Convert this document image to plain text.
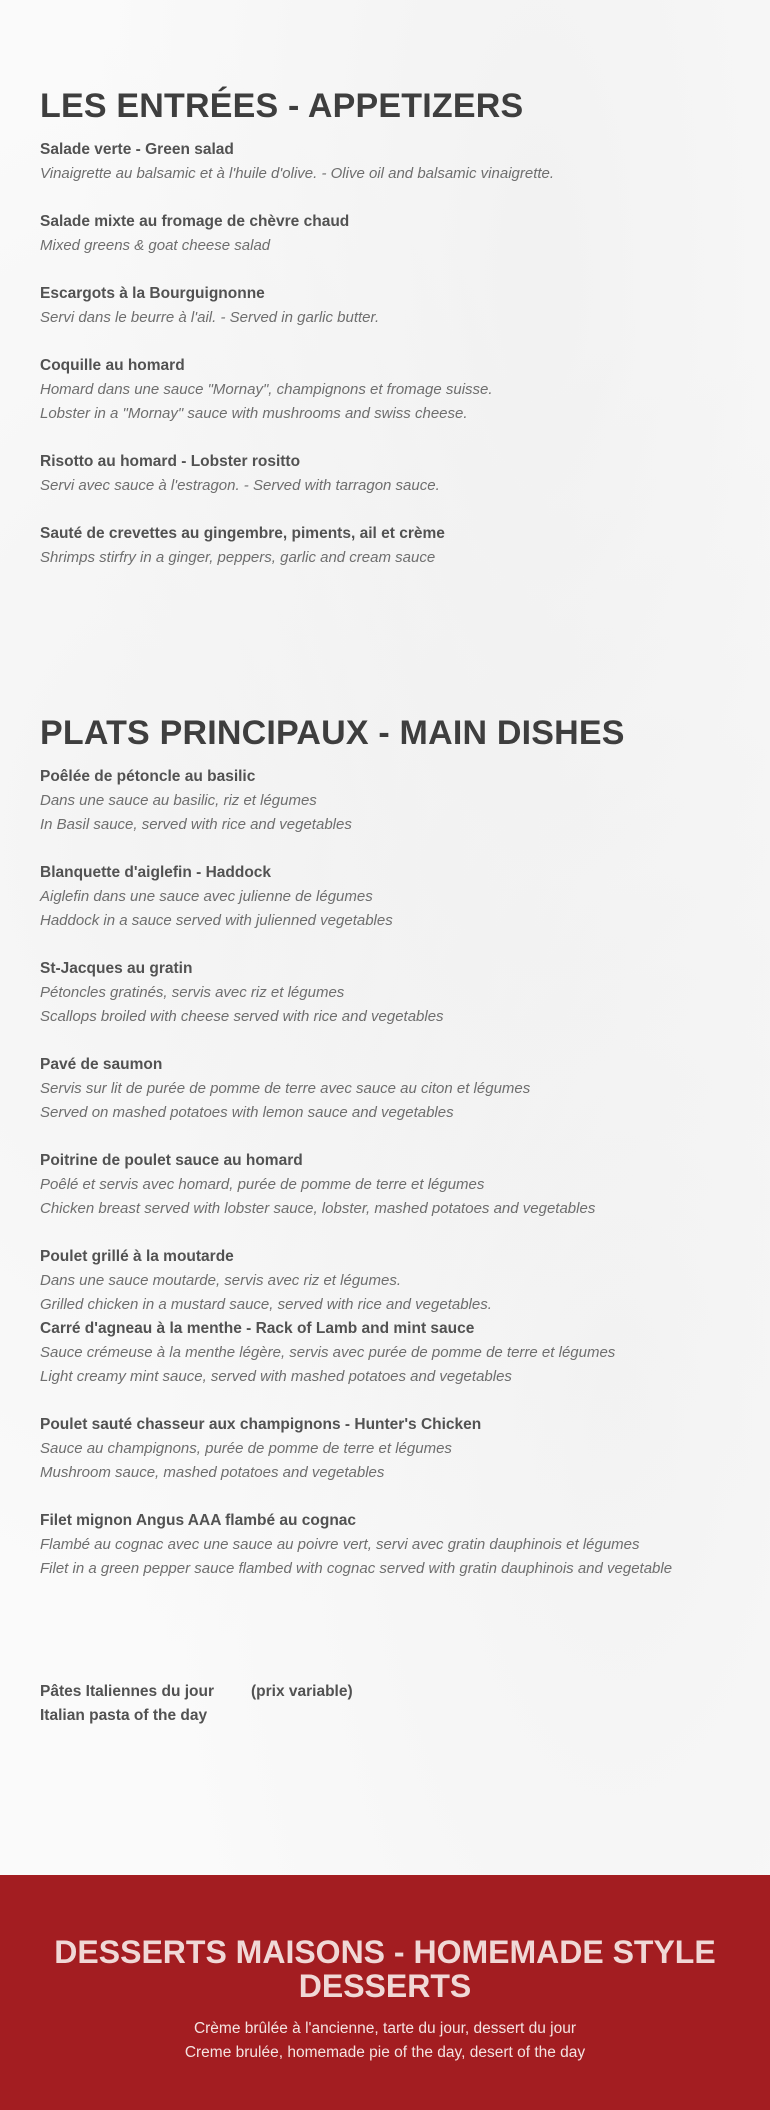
LES ENTRÉES - APPETIZERS
Salade verte - Green salad
Vinaigrette au balsamic et à l'huile d'olive. - Olive oil and balsamic vinaigrette.
Salade mixte au fromage de chèvre chaud
Mixed greens & goat cheese salad
Escargots à la Bourguignonne
Servi dans le beurre à l'ail. - Served in garlic butter.
Coquille au homard
Homard dans une sauce "Mornay", champignons et fromage suisse.
Lobster in a "Mornay" sauce with mushrooms and swiss cheese.
Risotto au homard - Lobster rositto
Servi avec sauce à l'estragon. - Served with tarragon sauce.
Sauté de crevettes au gingembre, piments, ail et crème
Shrimps stirfry in a ginger, peppers, garlic and cream sauce
PLATS PRINCIPAUX - MAIN DISHES
Poêlée de pétoncle au basilic
Dans une sauce au basilic, riz et légumes
In Basil sauce, served with rice and vegetables
Blanquette d'aiglefin - Haddock
Aiglefin dans une sauce avec julienne de légumes
Haddock in a sauce served with julienned vegetables
St-Jacques au gratin
Pétoncles gratinés, servis avec riz et légumes
Scallops broiled with cheese served with rice and vegetables
Pavé de saumon
Servis sur lit de purée de pomme de terre avec sauce au citon et légumes
Served on mashed potatoes with lemon sauce and vegetables
Poitrine de poulet sauce au homard
Poêlé et servis avec homard, purée de pomme de terre et légumes
Chicken breast served with lobster sauce, lobster, mashed potatoes and vegetables
Poulet grillé à la moutarde
Dans une sauce moutarde, servis avec riz et légumes.
Grilled chicken in a mustard sauce, served with rice and vegetables.
Carré d'agneau à la menthe - Rack of Lamb and mint sauce
Sauce crémeuse à la menthe légère, servis avec purée de pomme de terre et légumes
Light creamy mint sauce, served with mashed potatoes and vegetables
Poulet sauté chasseur aux champignons - Hunter's Chicken
Sauce au champignons, purée de pomme de terre et légumes
Mushroom sauce, mashed potatoes and vegetables
Filet mignon Angus AAA flambé au cognac
Flambé au cognac avec une sauce au poivre vert, servi avec gratin dauphinois et légumes
Filet in a green pepper sauce flambed with cognac served with gratin dauphinois and vegetable
Pâtes Italiennes du jour	(prix variable)
Italian pasta of the day
DESSERTS MAISONS - HOMEMADE STYLE DESSERTS
Crème brûlée à l'ancienne, tarte du jour, dessert du jour
Creme brulée, homemade pie of the day, desert of the day
